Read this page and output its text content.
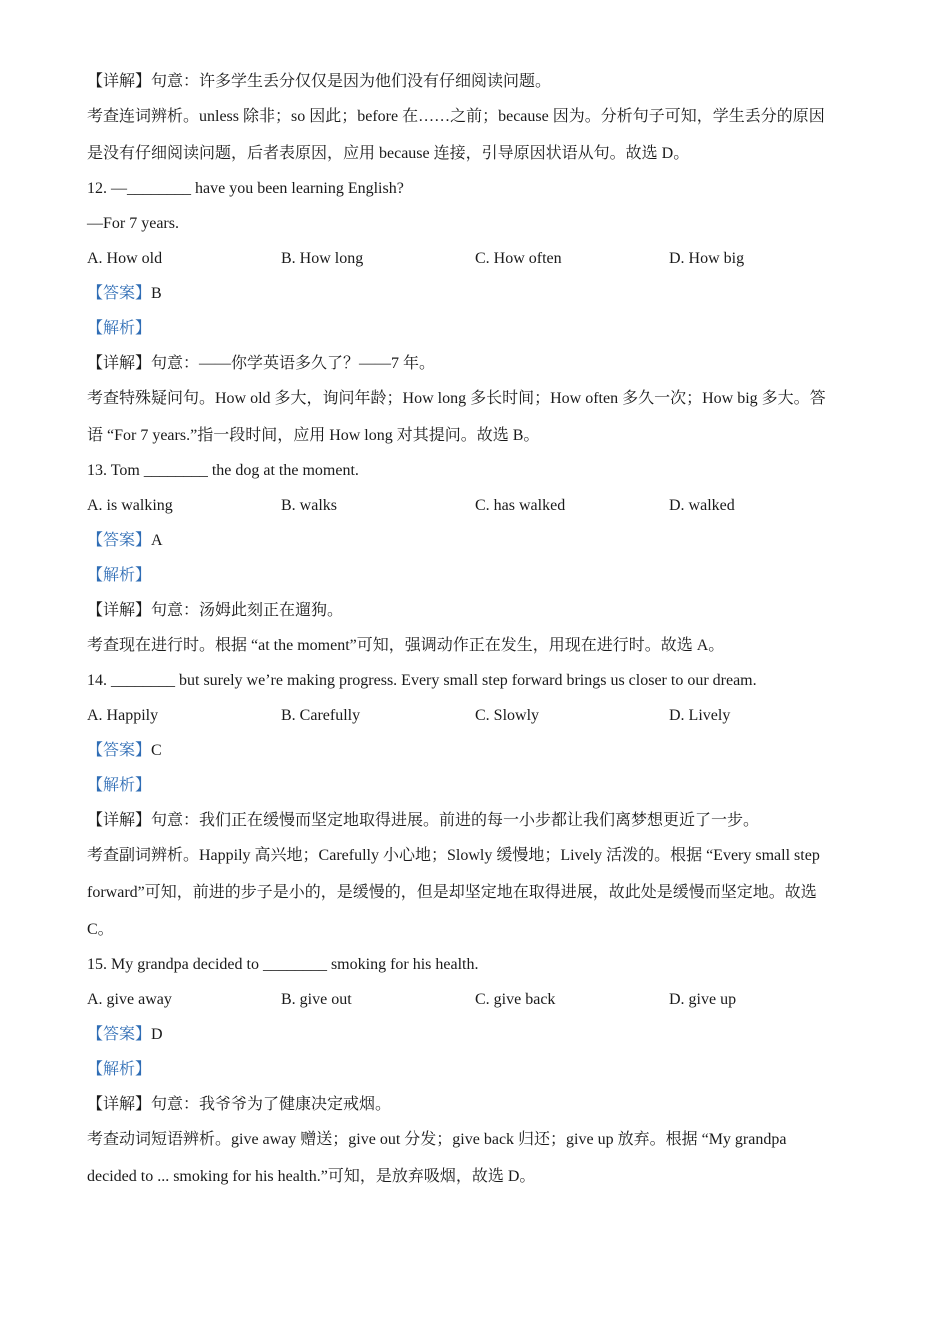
【详解】句意：许多学生丢分仅仅是因为他们没有仔细阅读问题。

考查连词辨析。unless 除非；so 因此；before 在……之前；because 因为。分析句子可知，学生丢分的原因

是没有仔细阅读问题，后者表原因，应用 because 连接，引导原因状语从句。故选 D。

12. —________ have you been learning English?

—For 7 years.

A. How old	B. How long	C. How often	D. How big

【答案】B

【解析】

【详解】句意：——你学英语多久了？——7 年。

考查特殊疑问句。How old 多大，询问年龄；How long 多长时间；How often 多久一次；How big 多大。答

语 “For 7 years.”指一段时间，应用 How long 对其提问。故选 B。

13. Tom ________ the dog at the moment.

A. is walking	B. walks	C. has walked	D. walked

【答案】A

【解析】

【详解】句意：汤姆此刻正在遛狗。

考查现在进行时。根据 “at the moment”可知，强调动作正在发生，用现在进行时。故选 A。

14. ________ but surely we’re making progress. Every small step forward brings us closer to our dream.

A. Happily	B. Carefully	C. Slowly	D. Lively

【答案】C

【解析】

【详解】句意：我们正在缓慢而坚定地取得进展。前进的每一小步都让我们离梦想更近了一步。

考查副词辨析。Happily 高兴地；Carefully 小心地；Slowly 缓慢地；Lively 活泼的。根据 “Every small step

forward”可知，前进的步子是小的，是缓慢的，但是却坚定地在取得进展，故此处是缓慢而坚定地。故选

C。

15. My grandpa decided to ________ smoking for his health.

A. give away	B. give out	C. give back	D. give up

【答案】D

【解析】

【详解】句意：我爷爷为了健康决定戒烟。

考查动词短语辨析。give away 赠送；give out 分发；give back 归还；give up 放弃。根据 “My grandpa

decided to ... smoking for his health.”可知，是放弃吸烟，故选 D。
